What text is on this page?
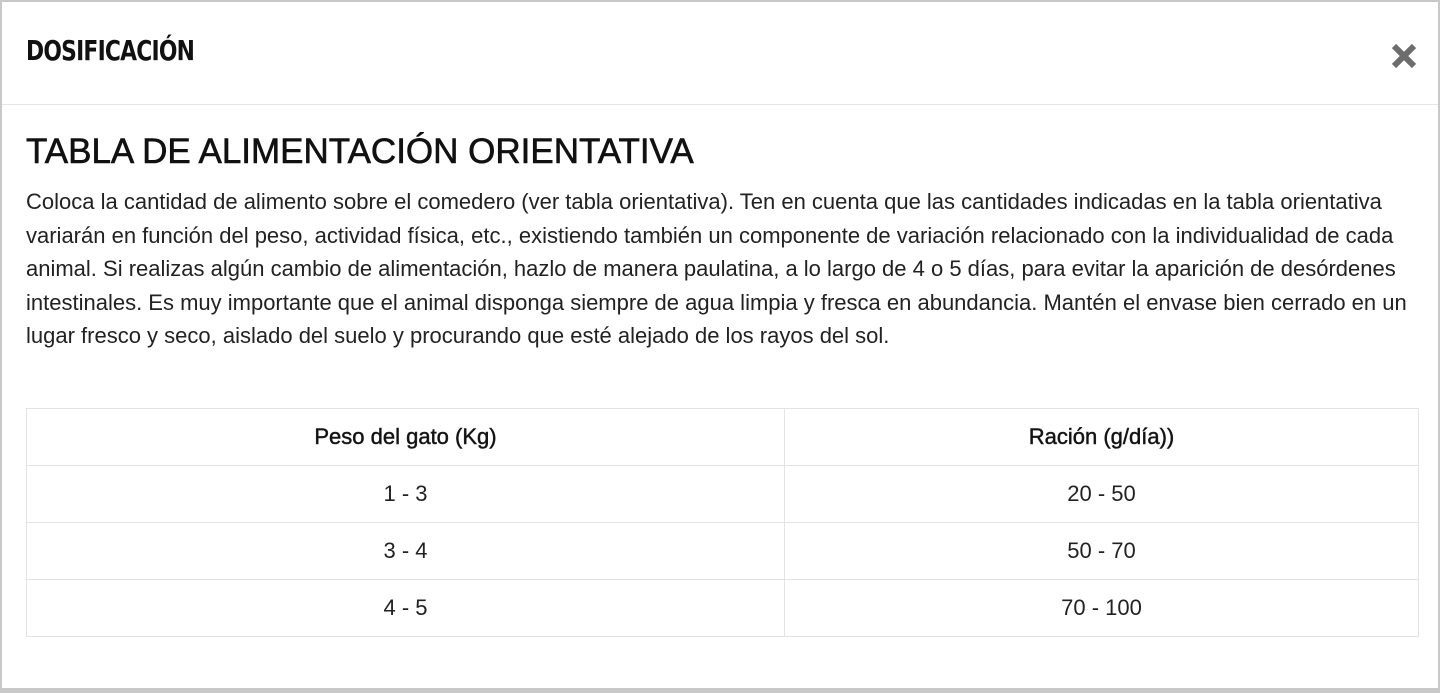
DOSIFICACIÓN
TABLA DE ALIMENTACIÓN ORIENTATIVA

Coloca la cantidad de alimento sobre el comedero (ver tabla orientativa). Ten en cuenta que las cantidades indicadas en la tabla orientativa variarán en función del peso, actividad física, etc., existiendo también un componente de variación relacionado con la individualidad de cada animal. Si realizas algún cambio de alimentación, hazlo de manera paulatina, a lo largo de 4 o 5 días, para evitar la aparición de desórdenes intestinales. Es muy importante que el animal disponga siempre de agua limpia y fresca en abundancia. Mantén el envase bien cerrado en un lugar fresco y seco, aislado del suelo y procurando que esté alejado de los rayos del sol.

Peso del gato (Kg)	Ración (g/día))
1 - 3	20 - 50
3 - 4	50 - 70
4 - 5	70 - 100
